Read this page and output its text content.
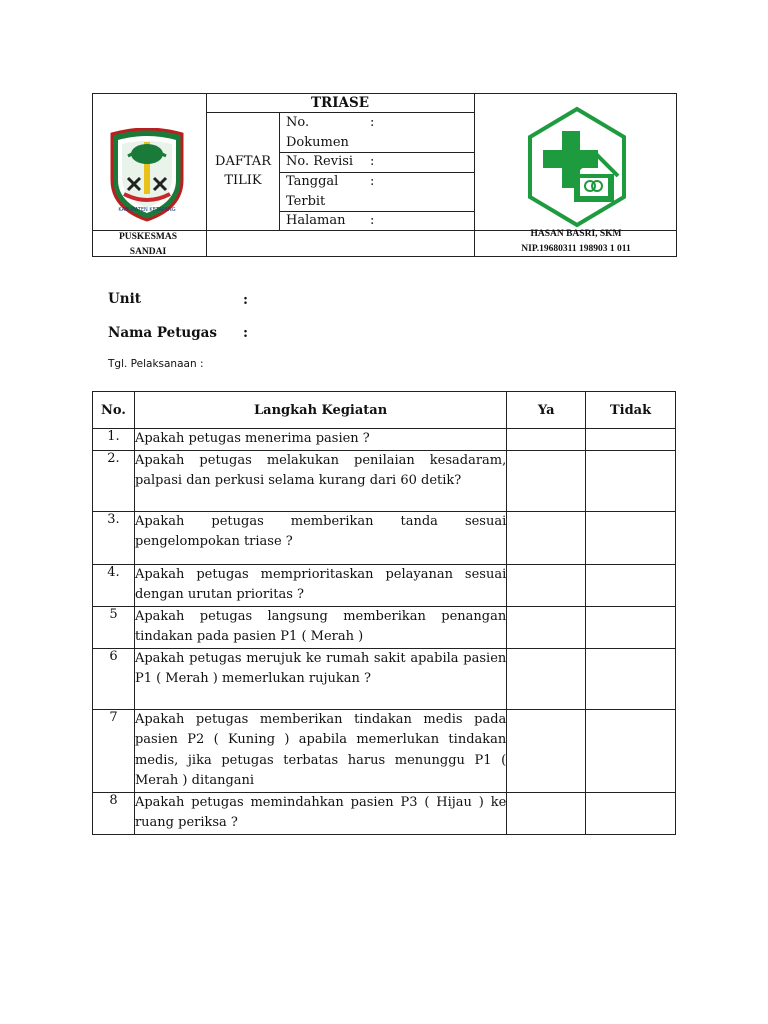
TRIASE
DAFTAR TILIK
No. Dokumen
:
No. Revisi :
Tanggal Terbit
:
Halaman :
KABUPATEN KETAPANG
PUSKESMAS SANDAI
HASAN BASRI, SKM
NIP.19680311 198903 1 011
Unit	:
Nama Petugas :
Tgl. Pelaksanaan :
No.	Langkah Kegiatan	Ya	Tidak
1.	Apakah petugas menerima pasien ?		
2.	Apakah petugas melakukan penilaian kesadaram, palpasi dan perkusi selama kurang dari 60 detik?		
3.	Apakah petugas memberikan tanda sesuai pengelompokan triase ?		
4.	Apakah petugas memprioritaskan pelayanan sesuai dengan urutan prioritas ?		
5	Apakah petugas langsung memberikan penangan tindakan pada pasien P1 ( Merah )		
6	Apakah petugas merujuk ke rumah sakit apabila pasien P1 ( Merah ) memerlukan rujukan ?		
7	Apakah petugas memberikan tindakan medis pada pasien P2 ( Kuning ) apabila memerlukan tindakan medis, jika petugas terbatas harus menunggu P1 ( Merah ) ditangani		
8	Apakah petugas memindahkan pasien P3 ( Hijau ) ke ruang periksa ?		
